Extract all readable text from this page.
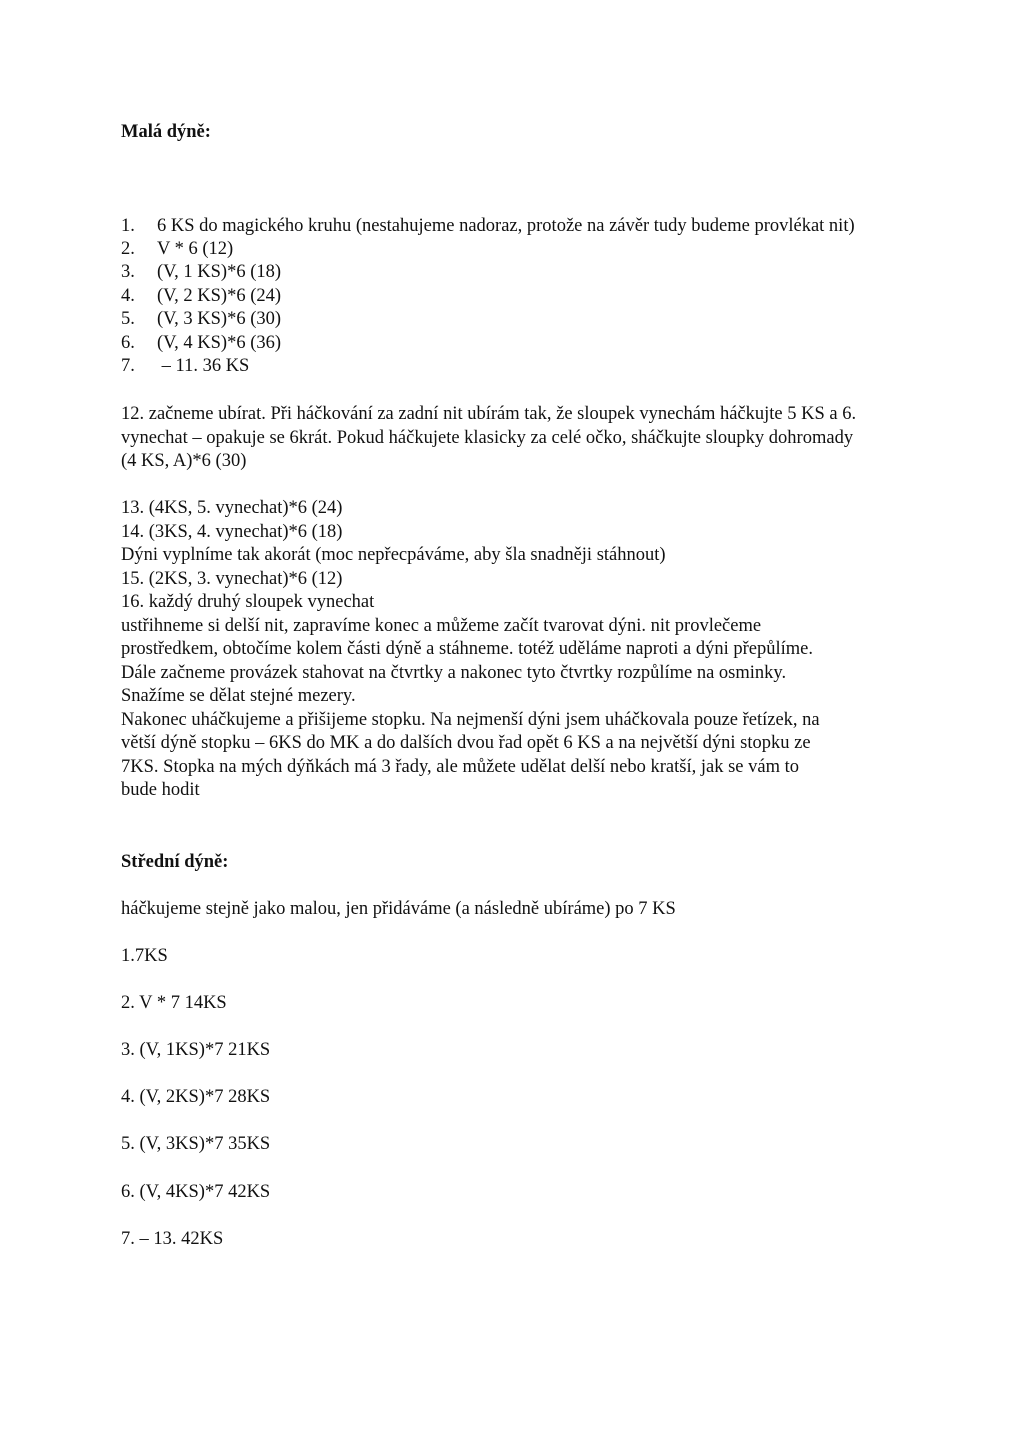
Malá dýně:
1. 6 KS do magického kruhu (nestahujeme nadoraz, protože na závěr tudy budeme provlékat nit)
2. V * 6 (12)
3. (V, 1 KS)*6 (18)
4. (V, 2 KS)*6 (24)
5. (V, 3 KS)*6 (30)
6. (V, 4 KS)*6 (36)
7. – 11. 36 KS
12. začneme ubírat. Při háčkování za zadní nit ubírám tak, že sloupek vynechám háčkujte 5 KS a 6.
vynechat – opakuje se 6krát. Pokud háčkujete klasicky za celé očko, sháčkujte sloupky dohromady
(4 KS, A)*6 (30)
13. (4KS, 5. vynechat)*6 (24)
14. (3KS, 4. vynechat)*6 (18)
Dýni vyplníme tak akorát (moc nepřecpáváme, aby šla snadněji stáhnout)
15. (2KS, 3. vynechat)*6 (12)
16. každý druhý sloupek vynechat
ustřihneme si delší nit, zapravíme konec a můžeme začít tvarovat dýni. nit provlečeme
prostředkem, obtočíme kolem části dýně a stáhneme. totéž uděláme naproti a dýni přepůlíme.
Dále začneme provázek stahovat na čtvrtky a nakonec tyto čtvrtky rozpůlíme na osminky.
Snažíme se dělat stejné mezery.
Nakonec uháčkujeme a přišijeme stopku. Na nejmenší dýni jsem uháčkovala pouze řetízek, na
větší dýně stopku – 6KS do MK a do dalších dvou řad opět 6 KS a na největší dýni stopku ze
7KS. Stopka na mých dýňkách má 3 řady, ale můžete udělat delší nebo kratší, jak se vám to
bude hodit
Střední dýně:
háčkujeme stejně jako malou, jen přidáváme (a následně ubíráme) po 7 KS
1.7KS
2. V * 7 14KS
3. (V, 1KS)*7 21KS
4. (V, 2KS)*7 28KS
5. (V, 3KS)*7 35KS
6. (V, 4KS)*7 42KS
7. – 13. 42KS
